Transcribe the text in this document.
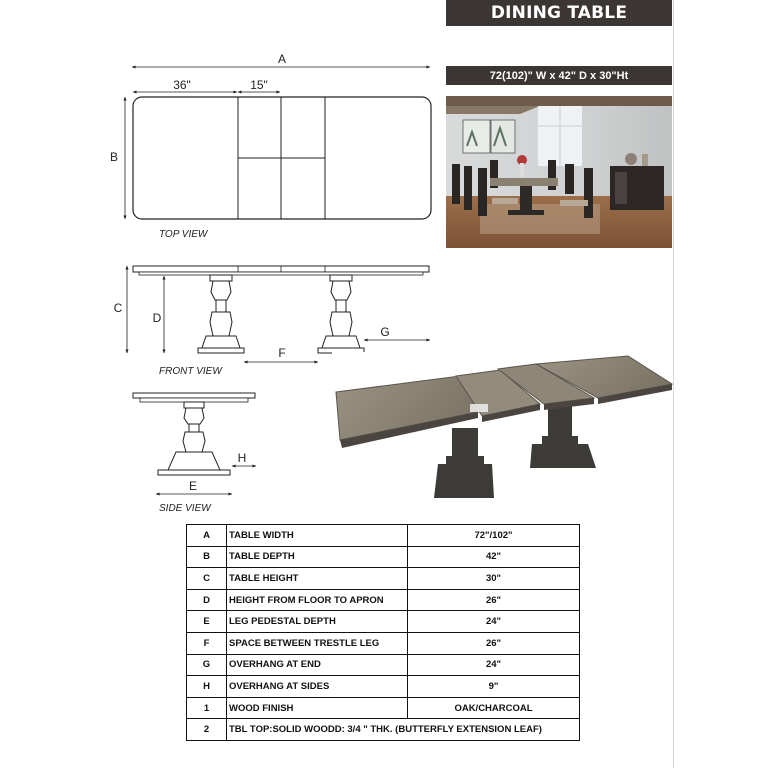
DINING TABLE
72(102)" W x 42" D x 30"Ht
A
36"	15"
B
TOP VIEW
C
D
F
G
FRONT VIEW
H
E
SIDE VIEW
A	TABLE WIDTH	72"/102"
B	TABLE DEPTH	42"
C	TABLE HEIGHT	30"
D	HEIGHT FROM FLOOR TO APRON	26"
E	LEG PEDESTAL DEPTH	24"
F	SPACE BETWEEN TRESTLE LEG	26"
G	OVERHANG AT END	24"
H	OVERHANG AT SIDES	9"
1	WOOD FINISH	OAK/CHARCOAL
2	TBL TOP:SOLID WOODD: 3/4 " THK. (BUTTERFLY EXTENSION LEAF)	
